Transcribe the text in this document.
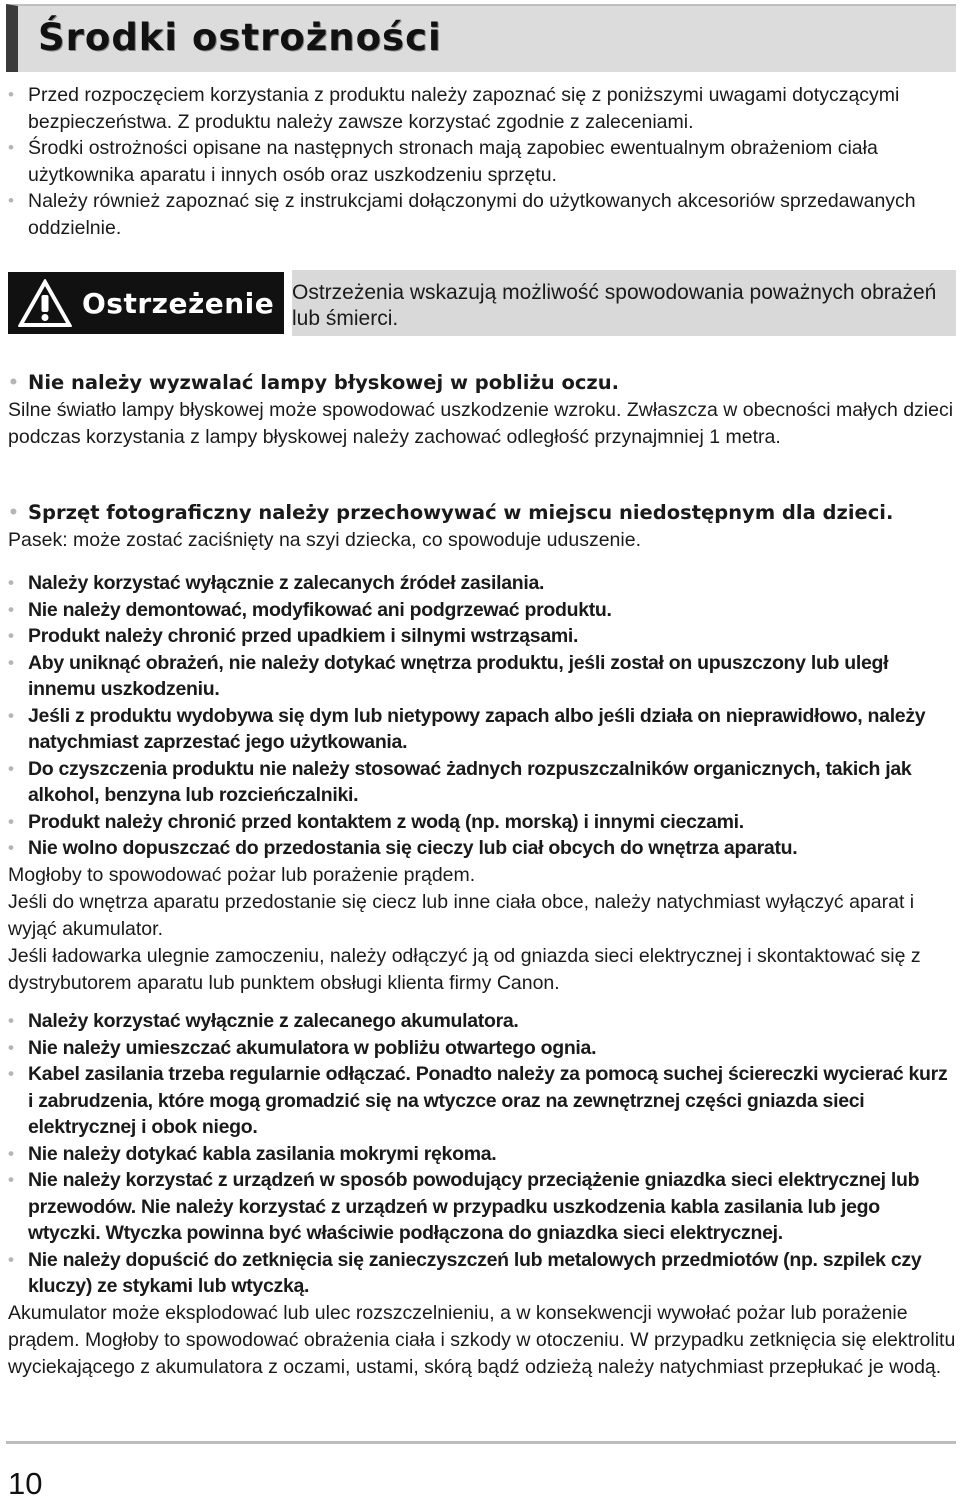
Środki ostrożności
• Przed rozpoczęciem korzystania z produktu należy zapoznać się z poniższymi uwagami dotyczącymi bezpieczeństwa. Z produktu należy zawsze korzystać zgodnie z zaleceniami.
• Środki ostrożności opisane na następnych stronach mają zapobiec ewentualnym obrażeniom ciała użytkownika aparatu i innych osób oraz uszkodzeniu sprzętu.
• Należy również zapoznać się z instrukcjami dołączonymi do użytkowanych akcesoriów sprzedawanych oddzielnie.
Ostrzeżenie Ostrzeżenia wskazują możliwość spowodowania poważnych obrażeń lub śmierci.
• Nie należy wyzwalać lampy błyskowej w pobliżu oczu.

Silne światło lampy błyskowej może spowodować uszkodzenie wzroku. Zwłaszcza w obecności małych dzieci podczas korzystania z lampy błyskowej należy zachować odległość przynajmniej 1 metra.

• Sprzęt fotograficzny należy przechowywać w miejscu niedostępnym dla dzieci.

Pasek: może zostać zaciśnięty na szyi dziecka, co spowoduje uduszenie.

• Należy korzystać wyłącznie z zalecanych źródeł zasilania.
• Nie należy demontować, modyfikować ani podgrzewać produktu.
• Produkt należy chronić przed upadkiem i silnymi wstrząsami.
• Aby uniknąć obrażeń, nie należy dotykać wnętrza produktu, jeśli został on upuszczony lub uległ innemu uszkodzeniu.
• Jeśli z produktu wydobywa się dym lub nietypowy zapach albo jeśli działa on nieprawidłowo, należy natychmiast zaprzestać jego użytkowania.
• Do czyszczenia produktu nie należy stosować żadnych rozpuszczalników organicznych, takich jak alkohol, benzyna lub rozcieńczalniki.
• Produkt należy chronić przed kontaktem z wodą (np. morską) i innymi cieczami.
• Nie wolno dopuszczać do przedostania się cieczy lub ciał obcych do wnętrza aparatu.

Mogłoby to spowodować pożar lub porażenie prądem.

Jeśli do wnętrza aparatu przedostanie się ciecz lub inne ciała obce, należy natychmiast wyłączyć aparat i wyjąć akumulator.

Jeśli ładowarka ulegnie zamoczeniu, należy odłączyć ją od gniazda sieci elektrycznej i skontaktować się z dystrybutorem aparatu lub punktem obsługi klienta firmy Canon.

• Należy korzystać wyłącznie z zalecanego akumulatora.
• Nie należy umieszczać akumulatora w pobliżu otwartego ognia.
• Kabel zasilania trzeba regularnie odłączać. Ponadto należy za pomocą suchej ściereczki wycierać kurz i zabrudzenia, które mogą gromadzić się na wtyczce oraz na zewnętrznej części gniazda sieci elektrycznej i obok niego.
• Nie należy dotykać kabla zasilania mokrymi rękoma.
• Nie należy korzystać z urządzeń w sposób powodujący przeciążenie gniazdka sieci elektrycznej lub przewodów. Nie należy korzystać z urządzeń w przypadku uszkodzenia kabla zasilania lub jego wtyczki. Wtyczka powinna być właściwie podłączona do gniazdka sieci elektrycznej.
• Nie należy dopuścić do zetknięcia się zanieczyszczeń lub metalowych przedmiotów (np. szpilek czy kluczy) ze stykami lub wtyczką.

Akumulator może eksplodować lub ulec rozszczelnieniu, a w konsekwencji wywołać pożar lub porażenie prądem. Mogłoby to spowodować obrażenia ciała i szkody w otoczeniu. W przypadku zetknięcia się elektrolitu wyciekającego z akumulatora z oczami, ustami, skórą bądź odzieżą należy natychmiast przepłukać je wodą.

10
